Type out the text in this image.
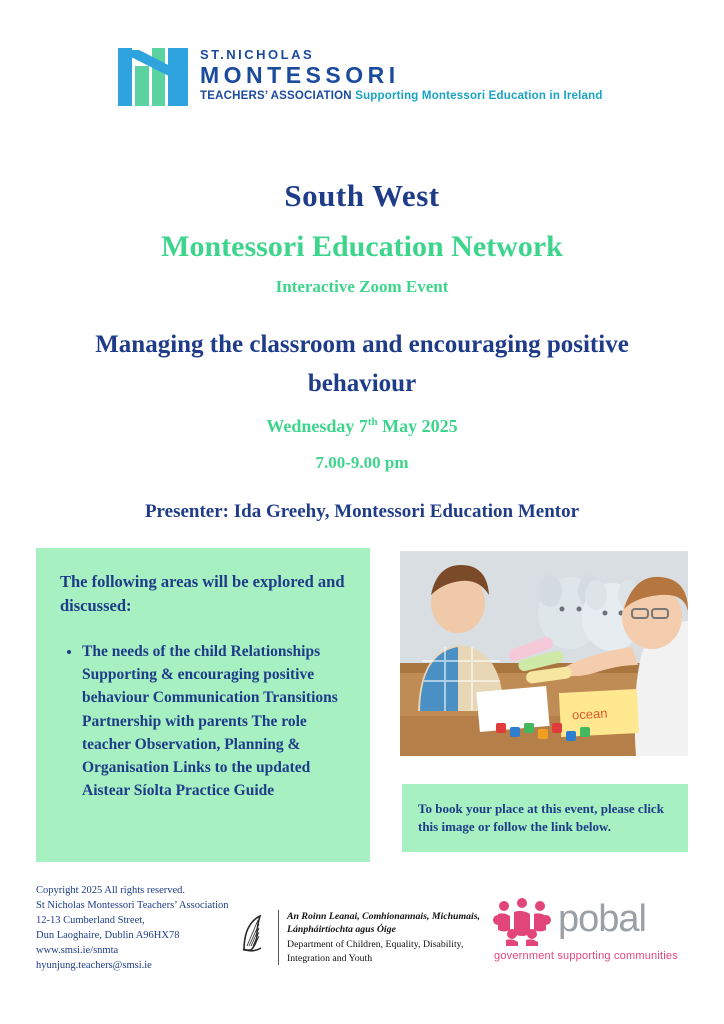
ST.NICHOLAS
MONTESSORI
TEACHERS’ ASSOCIATION Supporting Montessori Education in Ireland
South West
Montessori Education Network
Interactive Zoom Event
Managing the classroom and encouraging positive behaviour
Wednesday 7th May 2025
7.00-9.00 pm
Presenter: Ida Greehy, Montessori Education Mentor
The following areas will be explored and discussed:
• The needs of the child Relationships Supporting & encouraging positive behaviour Communication Transitions Partnership with parents The role teacher Observation, Planning & Organisation Links to the updated Aistear Síolta Practice Guide
ocean

To book your place at this event, please click this image or follow the link below.

Copyright 2025 All rights reserved.
St Nicholas Montessori Teachers’ Association
12-13 Cumberland Street,
Dun Laoghaire, Dublin A96HX78
www.smsi.ie/snmta
hyunjung.teachers@smsi.ie
An Roinn Leanai, Comhionannais, Michumais, Lánpháirtíochta agus Óige
Department of Children, Equality, Disability, Integration and Youth
pobal
government supporting communities
